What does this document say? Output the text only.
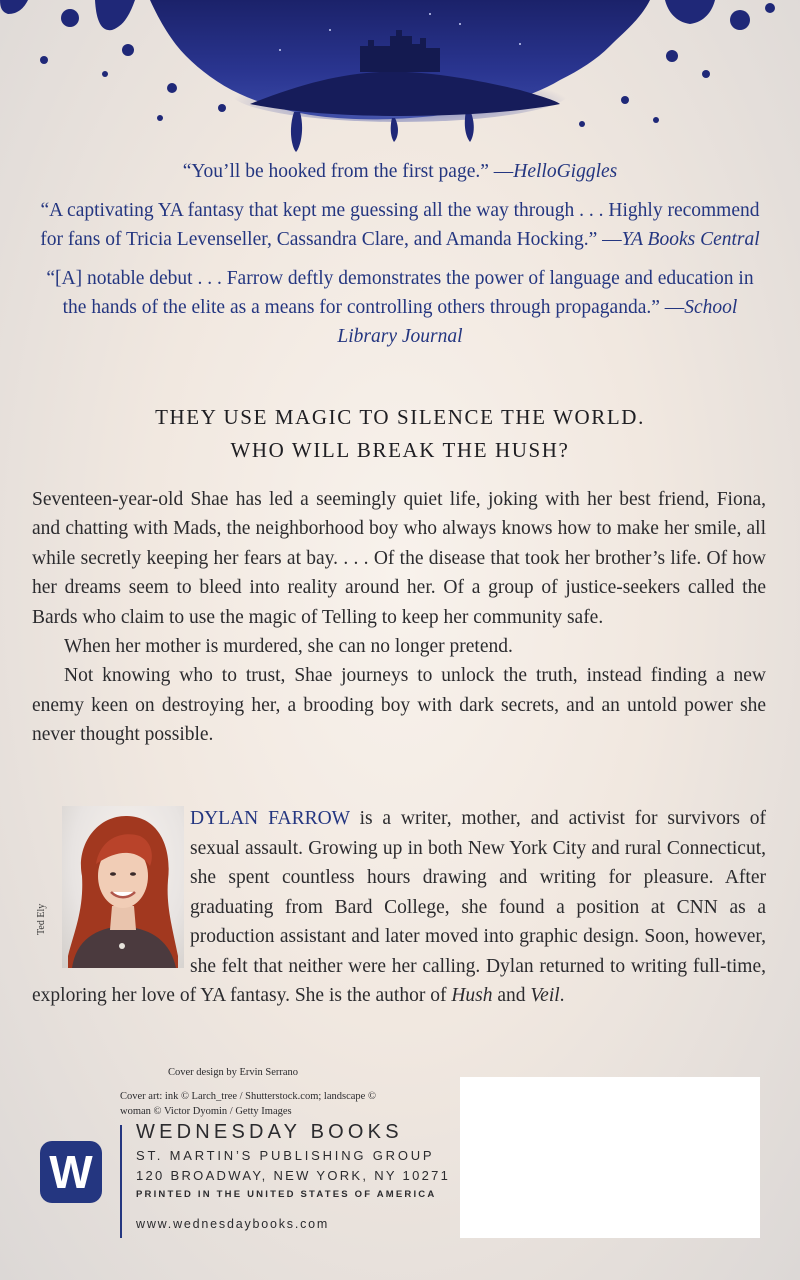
“You’ll be hooked from the first page.” —HelloGiggles

“A captivating YA fantasy that kept me guessing all the way through . . . Highly recommend for fans of Tricia Levenseller, Cassandra Clare, and Amanda Hocking.” —YA Books Central

“[A] notable debut . . . Farrow deftly demonstrates the power of language and education in the hands of the elite as a means for controlling others through propaganda.” —School Library Journal

THEY USE MAGIC TO SILENCE THE WORLD.
WHO WILL BREAK THE HUSH?

Seventeen-year-old Shae has led a seemingly quiet life, joking with her best friend, Fiona, and chatting with Mads, the neighborhood boy who always knows how to make her smile, all while secretly keeping her fears at bay. . . . Of the disease that took her brother’s life. Of how her dreams seem to bleed into reality around her. Of a group of justice-seekers called the Bards who claim to use the magic of Telling to keep her community safe.

When her mother is murdered, she can no longer pretend.

Not knowing who to trust, Shae journeys to unlock the truth, instead finding a new enemy keen on destroying her, a brooding boy with dark secrets, and an untold power she never thought possible.

Ted Ely
DYLAN FARROW is a writer, mother, and activist for survivors of sexual assault. Growing up in both New York City and rural Connecticut, she spent countless hours drawing and writing for pleasure. After graduating from Bard College, she found a position at CNN as a production assistant and later moved into graphic design. Soon, however, she felt that neither were her calling. Dylan returned to writing full-time, exploring her love of YA fantasy. She is the author of Hush and Veil.
Cover design by Ervin Serrano
Cover art: ink © Larch_tree / Shutterstock.com; landscape © woman © Victor Dyomin / Getty Images
W
WEDNESDAY BOOKS
ST. MARTIN’S PUBLISHING GROUP
120 BROADWAY, NEW YORK, NY 10271
PRINTED IN THE UNITED STATES OF AMERICA
www.wednesdaybooks.com
